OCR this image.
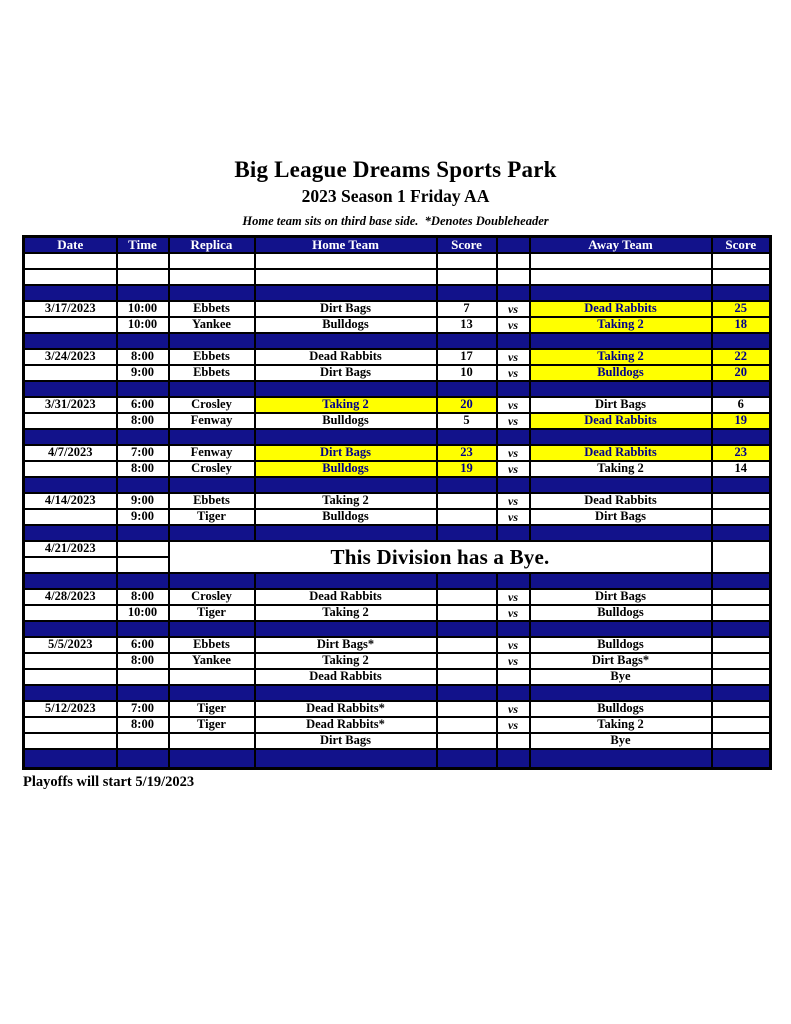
Big League Dreams Sports Park
2023 Season 1 Friday AA
Home team sits on third base side.  *Denotes Doubleheader
Date	Time	Replica	Home Team	Score		Away Team	Score

3/17/2023	10:00	Ebbets	Dirt Bags	7	vs	Dead Rabbits	25
	10:00	Yankee	Bulldogs	13	vs	Taking 2	18

3/24/2023	8:00	Ebbets	Dead Rabbits	17	vs	Taking 2	22
	9:00	Ebbets	Dirt Bags	10	vs	Bulldogs	20

3/31/2023	6:00	Crosley	Taking 2	20	vs	Dirt Bags	6
	8:00	Fenway	Bulldogs	5	vs	Dead Rabbits	19

4/7/2023	7:00	Fenway	Dirt Bags	23	vs	Dead Rabbits	23
	8:00	Crosley	Bulldogs	19	vs	Taking 2	14

4/14/2023	9:00	Ebbets	Taking 2		vs	Dead Rabbits	
	9:00	Tiger	Bulldogs		vs	Dirt Bags	

4/21/2023		This Division has a Bye.					

4/28/2023	8:00	Crosley	Dead Rabbits		vs	Dirt Bags	
	10:00	Tiger	Taking 2		vs	Bulldogs	

5/5/2023	6:00	Ebbets	Dirt Bags*		vs	Bulldogs	
	8:00	Yankee	Taking 2		vs	Dirt Bags*	
			Dead Rabbits			Bye	

5/12/2023	7:00	Tiger	Dead Rabbits*		vs	Bulldogs	
	8:00	Tiger	Dead Rabbits*		vs	Taking 2	
			Dirt Bags			Bye	

Playoffs will start 5/19/2023
